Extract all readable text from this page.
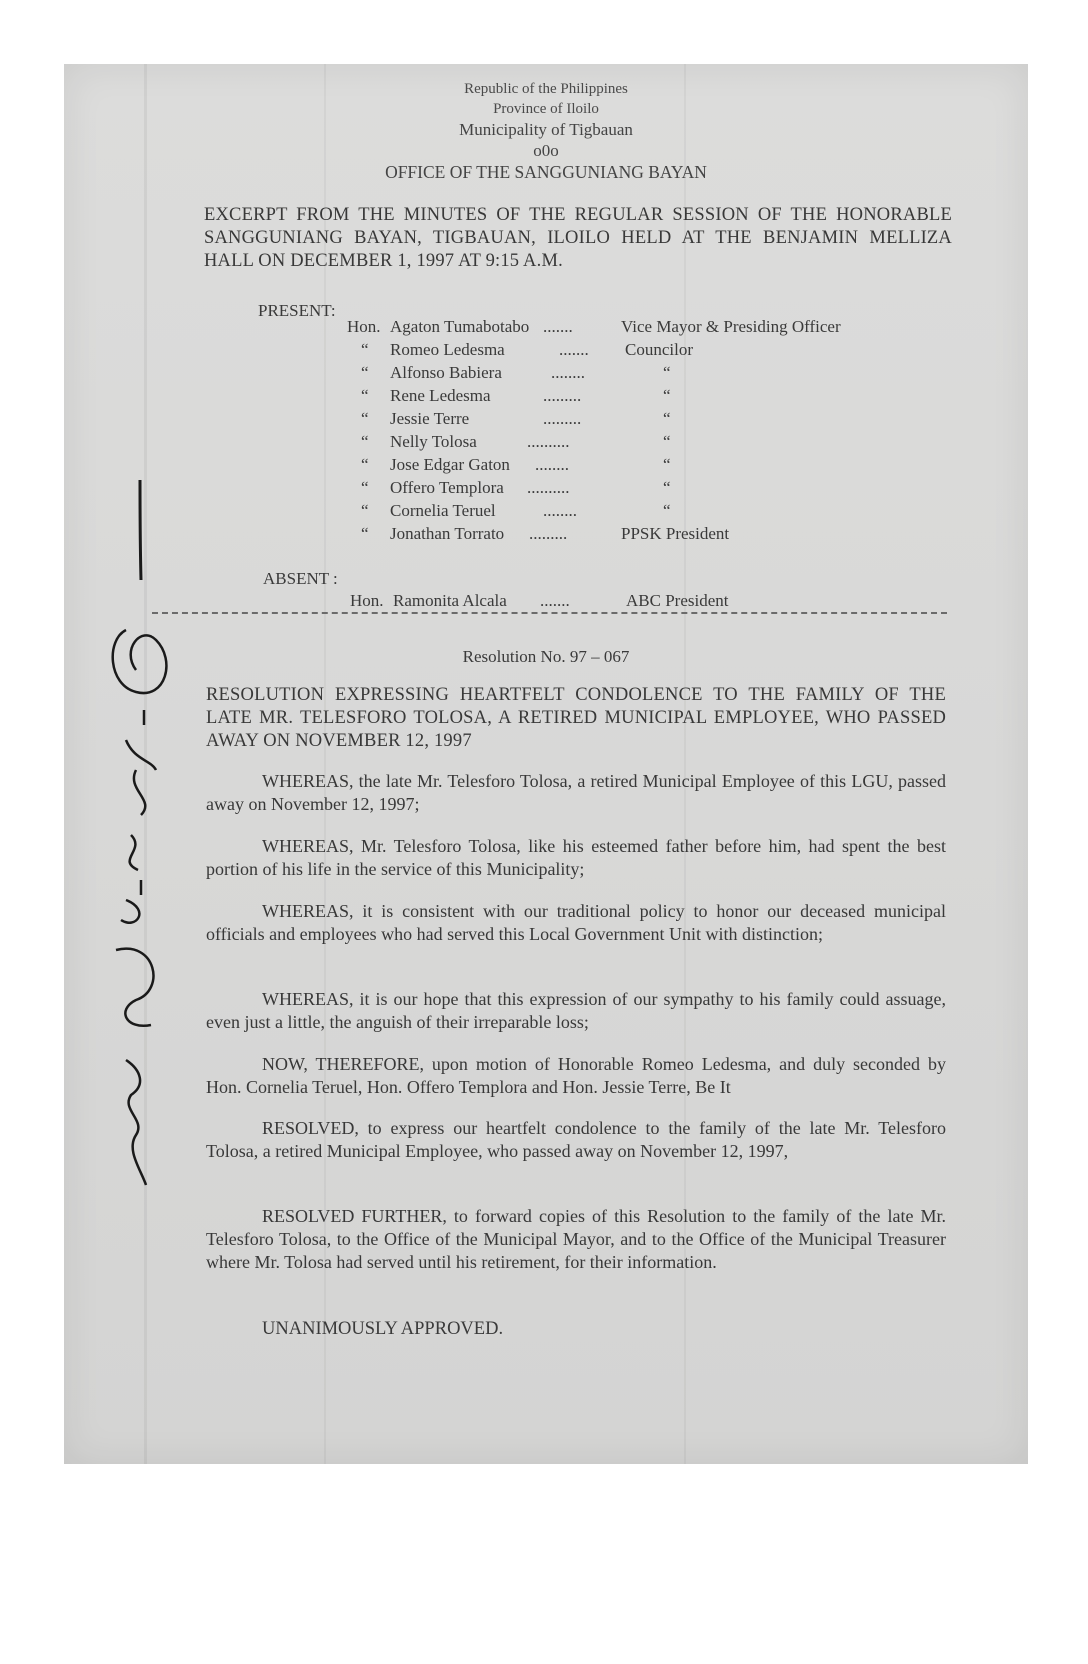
Republic of the Philippines
Province of Iloilo
Municipality of Tigbauan
o0o
OFFICE OF THE SANGGUNIANG BAYAN
EXCERPT FROM THE MINUTES OF THE REGULAR SESSION OF THE HONORABLE SANGGUNIANG BAYAN, TIGBAUAN, ILOILO HELD AT THE BENJAMIN MELLIZA HALL ON DECEMBER 1, 1997 AT 9:15 A.M.
PRESENT:
Hon. Agaton Tumabotabo .......	Vice Mayor & Presiding Officer
“ Romeo Ledesma	....... Councilor
“ Alfonso Babiera	........	“
“ Rene Ledesma	.........	“
“ Jessie Terre	.........	“
“ Nelly Tolosa	..........	“
“ Jose Edgar Gaton ........	“
“ Offero Templora ..........	“
“ Cornelia Teruel	........	“
“ Jonathan Torrato .........	PPSK President
ABSENT :
Hon. Ramonita Alcala .......	ABC President
Resolution No. 97 – 067
RESOLUTION EXPRESSING HEARTFELT CONDOLENCE TO THE FAMILY OF THE LATE MR. TELESFORO TOLOSA, A RETIRED MUNICIPAL EMPLOYEE, WHO PASSED AWAY ON NOVEMBER 12, 1997
WHEREAS, the late Mr. Telesforo Tolosa, a retired Municipal Employee of this LGU, passed away on November 12, 1997;
WHEREAS, Mr. Telesforo Tolosa, like his esteemed father before him, had spent the best portion of his life in the service of this Municipality;
WHEREAS, it is consistent with our traditional policy to honor our deceased municipal officials and employees who had served this Local Government Unit with distinction;
WHEREAS, it is our hope that this expression of our sympathy to his family could assuage, even just a little, the anguish of their irreparable loss;
NOW, THEREFORE, upon motion of Honorable Romeo Ledesma, and duly seconded by Hon. Cornelia Teruel, Hon. Offero Templora and Hon. Jessie Terre, Be It
RESOLVED, to express our heartfelt condolence to the family of the late Mr. Telesforo Tolosa, a retired Municipal Employee, who passed away on November 12, 1997,
RESOLVED FURTHER, to forward copies of this Resolution to the family of the late Mr. Telesforo Tolosa, to the Office of the Municipal Mayor, and to the Office of the Municipal Treasurer where Mr. Tolosa had served until his retirement, for their information.
UNANIMOUSLY APPROVED.
